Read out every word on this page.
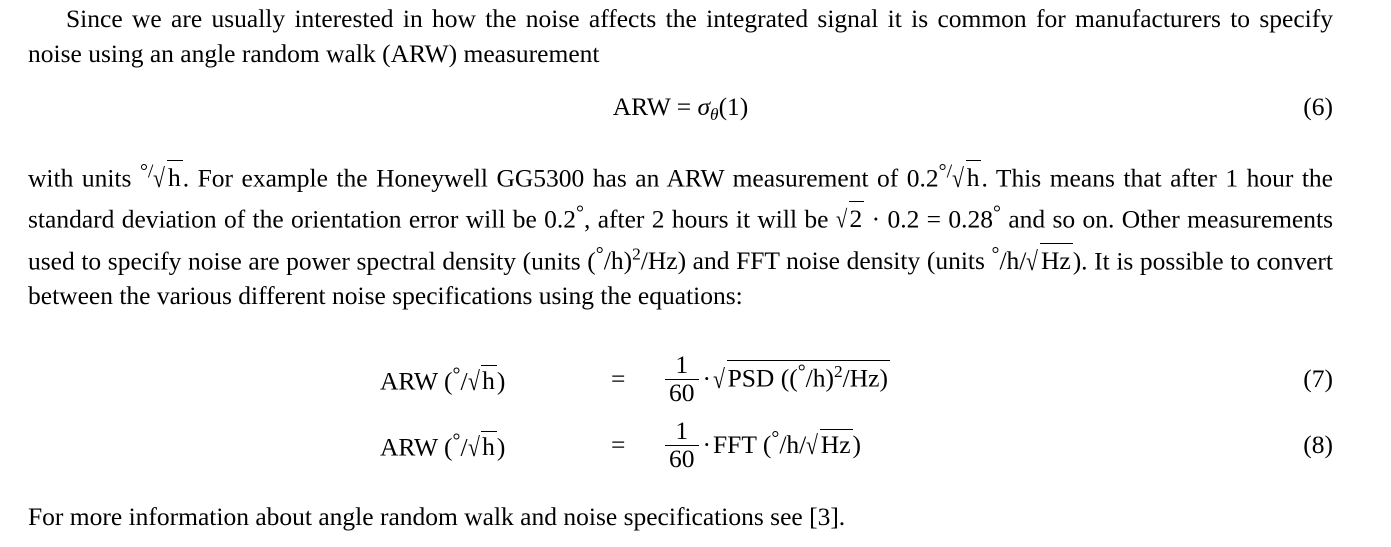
Since we are usually interested in how the noise affects the integrated signal it is common for manufacturers to specify noise using an angle random walk (ARW) measurement

ARW = $\sigma_\theta(1)$	(6)

with units °/√ h. For example the Honeywell GG5300 has an ARW measurement of 0.2°/√ h. This means that after 1 hour the standard deviation of the orientation error will be 0.2°, after 2 hours it will be √2 · 0.2 = 0.28° and so on. Other measurements used to specify noise are power spectral density (units $(^\circ/h)^2/Hz$) and FFT noise density (units °/h/√ Hz). It is possible to convert between the various different noise specifications using the equations:

ARW (°/√ h)	= $\frac{1}{60}$ ·√ PSD $((^\circ/h)^2/Hz)$	(7)
ARW (°/√ h)	= $\frac{1}{60} \cdot FFT$ (°/h/√ Hz)	(8)

For more information about angle random walk and noise specifications see [3].
